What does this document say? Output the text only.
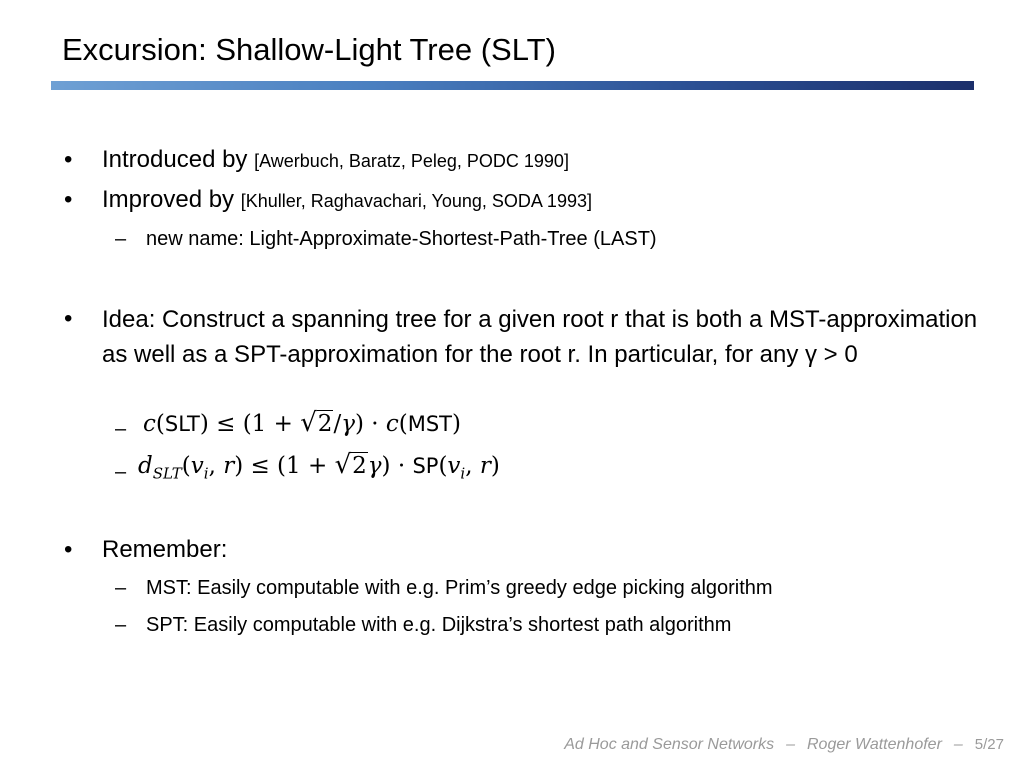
Excursion: Shallow-Light Tree (SLT)
• Introduced by [Awerbuch, Baratz, Peleg, PODC 1990]
• Improved by [Khuller, Raghavachari, Young, SODA 1993]
– new name: Light-Approximate-Shortest-Path-Tree (LAST)
• Idea: Construct a spanning tree for a given root r that is both a MST-approximation as well as a SPT-approximation for the root r. In particular, for any γ > 0
– c(SLT) ≤ (1 + √2/γ) · c(MST)
– $d_{SLT}(v_i$, $r) \le (1 + √2\gamma) \cdot SP(v_i$, r)
• Remember:
– MST: Easily computable with e.g. Prim’s greedy edge picking algorithm
– SPT: Easily computable with e.g. Dijkstra’s shortest path algorithm
Ad Hoc and Sensor Networks – Roger Wattenhofer – 5/27
